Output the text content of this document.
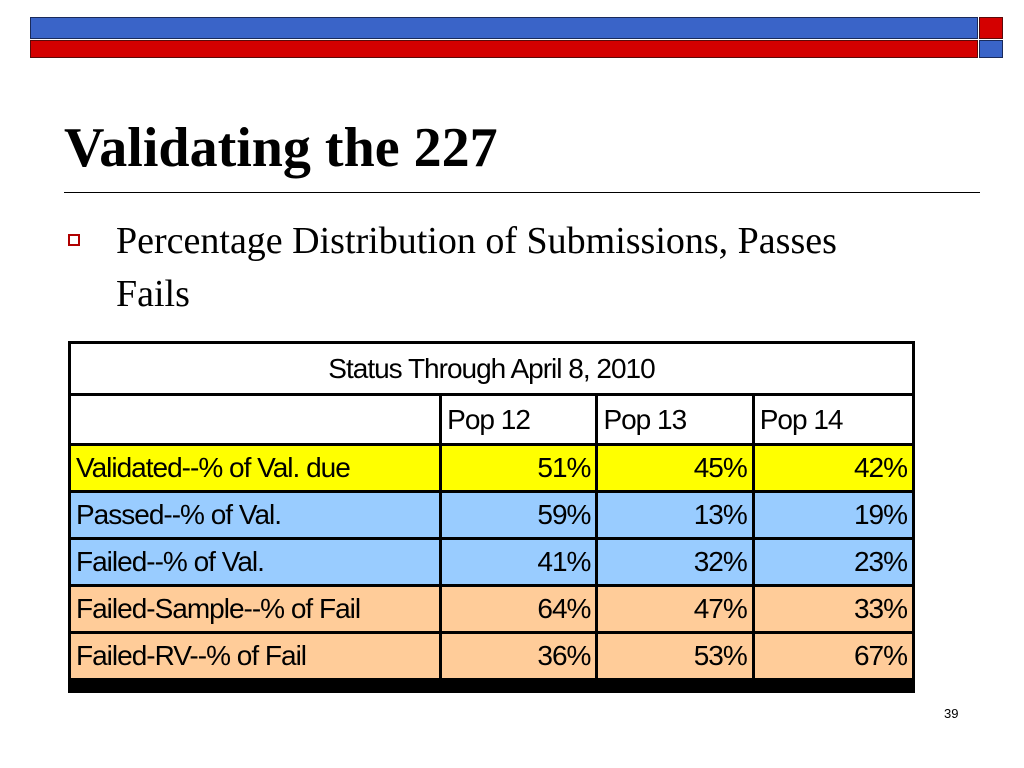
Validating the 227
Percentage Distribution of Submissions, Passes Fails
Status Through April 8, 2010			
	Pop 12	Pop 13	Pop 14
Validated--% of Val. due	51%	45%	42%
Passed--% of Val.	59%	13%	19%
Failed--% of Val.	41%	32%	23%
Failed-Sample--% of Fail	64%	47%	33%
Failed-RV--% of Fail	36%	53%	67%
39
